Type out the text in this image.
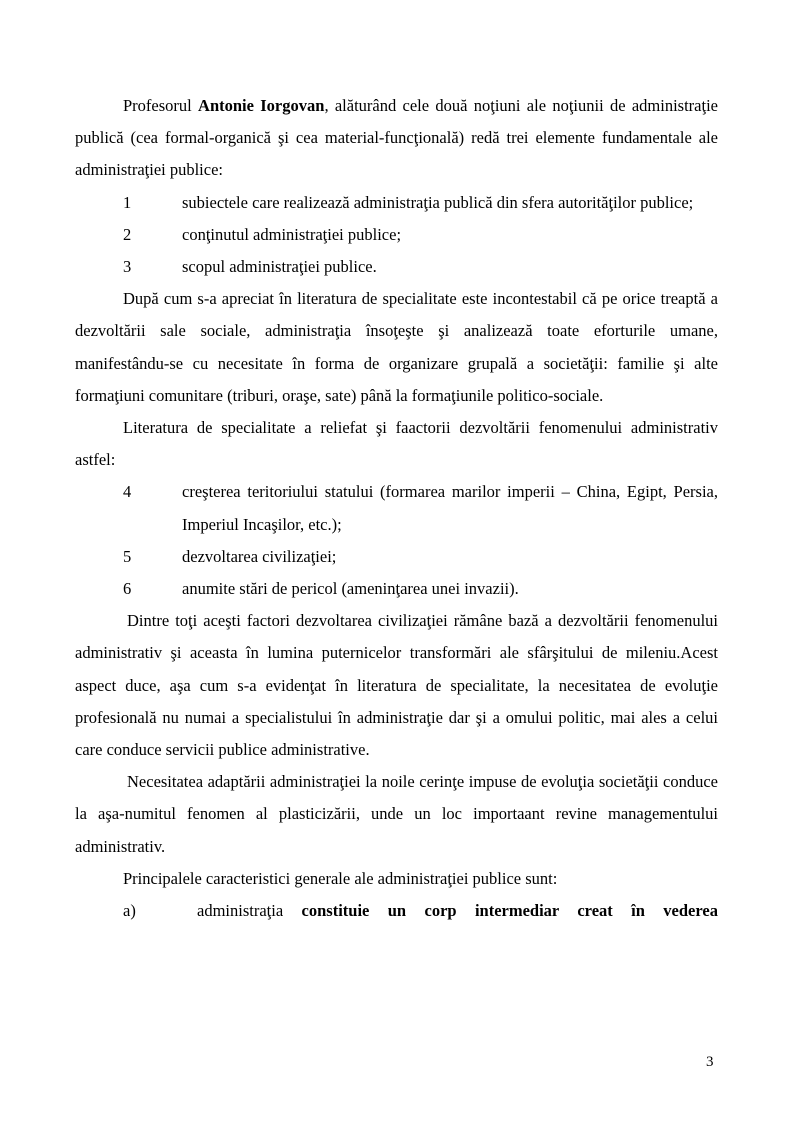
Profesorul Antonie Iorgovan, alăturând cele două noţiuni ale noţiunii de administraţie publică (cea formal-organică şi cea material-funcţională) redă trei elemente fundamentale ale administraţiei publice:

1	subiectele care realizează administraţia publică din sfera autorităţilor publice;
2	conţinutul administraţiei publice;
3	scopul administraţiei publice.

După cum s-a apreciat în literatura de specialitate este incontestabil că pe orice treaptă a dezvoltării sale sociale, administraţia însoţeşte şi analizează toate eforturile umane, manifestându-se cu necesitate în forma de organizare grupală a societăţii: familie şi alte formaţiuni comunitare (triburi, oraşe, sate) până la formaţiunile politico-sociale.

Literatura de specialitate a reliefat şi faactorii dezvoltării fenomenului administrativ astfel:

4	creşterea teritoriului statului (formarea marilor imperii – China, Egipt, Persia, Imperiul Incaşilor, etc.);
5	dezvoltarea civilizaţiei;
6	anumite stări de pericol (ameninţarea unei invazii).

Dintre toţi aceşti factori dezvoltarea civilizaţiei rămâne bază a dezvoltării fenomenului administrativ şi aceasta în lumina puternicelor transformări ale sfârşitului de mileniu.Acest aspect duce, aşa cum s-a evidenţat în literatura de specialitate, la necesitatea de evoluţie profesională nu numai a specialistului în administraţie dar şi a omului politic, mai ales a celui care conduce servicii publice administrative.

Necesitatea adaptării administraţiei la noile cerinţe impuse de evoluţia societăţii conduce la aşa-numitul fenomen al plasticizării, unde un loc importaant revine managementului administrativ.

Principalele caracteristici generale ale administraţiei publice sunt:

a)	administraţia constituie un corp intermediar creat în vederea
3
